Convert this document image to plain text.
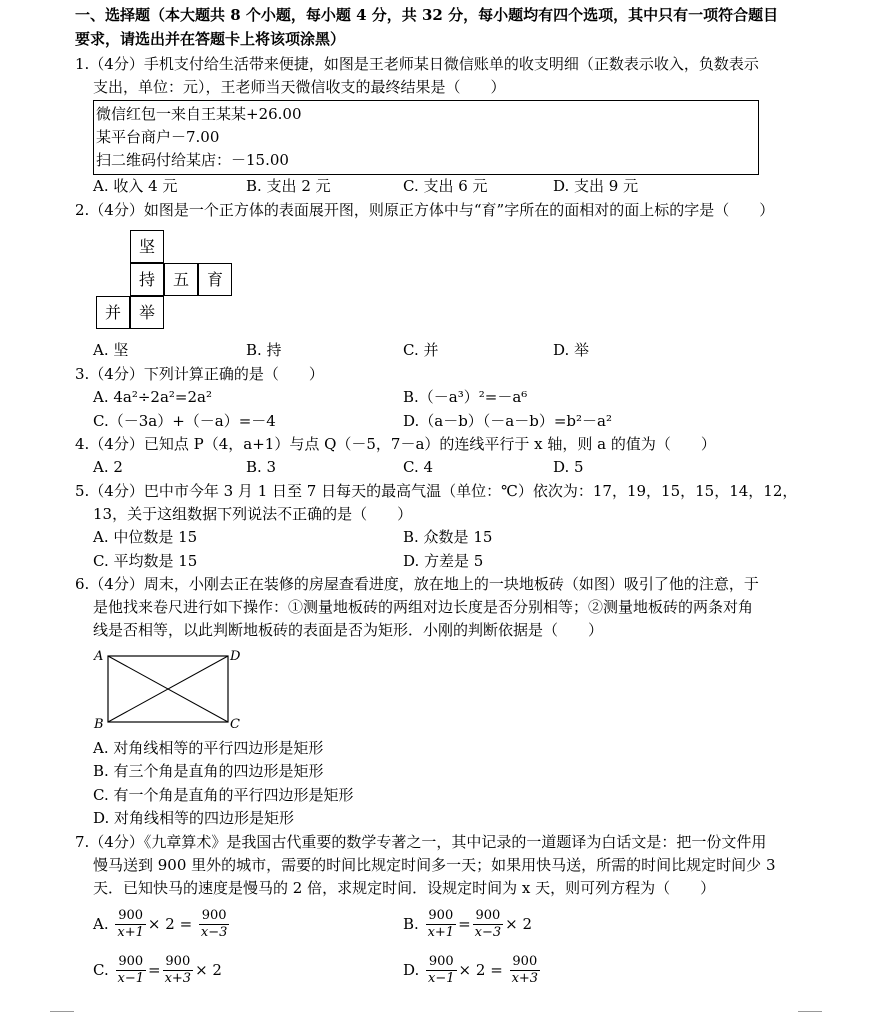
一、选择题（本大题共 8 个小题，每小题 4 分，共 32 分，每小题均有四个选项，其中只有一项符合题目
要求，请选出并在答题卡上将该项涂黑）
1.（4分）手机支付给生活带来便捷，如图是王老师某日微信账单的收支明细（正数表示收入，负数表示
支出，单位：元），王老师当天微信收支的最终结果是（　　）
微信红包一来自王某某+26.00
某平台商户－7.00
扫二维码付给某店：－15.00
A. 收入 4 元	B. 支出 2 元	C. 支出 6 元	D. 支出 9 元
2.（4分）如图是一个正方体的表面展开图，则原正方体中与“育”字所在的面相对的面上标的字是（　　）
坚
持	五	育
并	举
A. 坚	B. 持	C. 并	D. 举
3.（4分）下列计算正确的是（　　）
A. 4a²÷2a²=2a²	B.（－a³）²=－a⁶
C.（－3a）+（－a）=－4	D.（a－b）（－a－b）=b²－a²
4.（4分）已知点 P（4，a+1）与点 Q（－5，7－a）的连线平行于 x 轴，则 a 的值为（　　）
A. 2	B. 3	C. 4	D. 5
5.（4分）巴中市今年 3 月 1 日至 7 日每天的最高气温（单位：℃）依次为：17，19，15，15，14，12，
13，关于这组数据下列说法不正确的是（　　）
A. 中位数是 15	B. 众数是 15
C. 平均数是 15	D. 方差是 5
6.（4分）周末，小刚去正在装修的房屋查看进度，放在地上的一块地板砖（如图）吸引了他的注意，于
是他找来卷尺进行如下操作：①测量地板砖的两组对边长度是否分别相等；②测量地板砖的两条对角
线是否相等，以此判断地板砖的表面是否为矩形．小刚的判断依据是（　　）
A	D
B	C
A. 对角线相等的平行四边形是矩形
B. 有三个角是直角的四边形是矩形
C. 有一个角是直角的平行四边形是矩形
D. 对角线相等的四边形是矩形
7.（4分）《九章算术》是我国古代重要的数学专著之一，其中记录的一道题译为白话文是：把一份文件用
慢马送到 900 里外的城市，需要的时间比规定时间多一天；如果用快马送，所需的时间比规定时间少 3
天．已知快马的速度是慢马的 2 倍，求规定时间．设规定时间为 x 天，则可列方程为（　　）
A.
$\frac{900}{x+1} \times 2$
=
$\frac{900}{x-3}$	B.
$\frac{900}{x+1} = \frac{900}{x-3} \times 2$
C.
$\frac{900}{x-1} = \frac{900}{x+3} \times 2$	D.
$\frac{900}{x-1} \times 2$
=
$\frac{900}{x+3}$
